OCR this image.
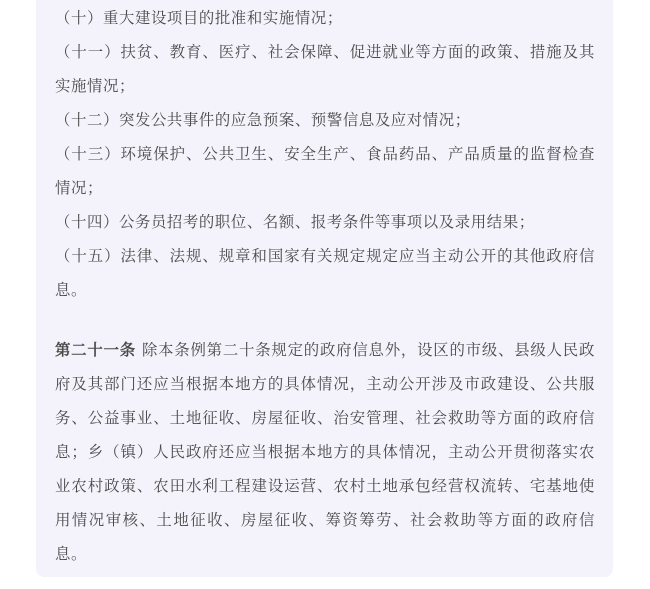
（十）重大建设项目的批准和实施情况；

（十一）扶贫、教育、医疗、社会保障、促进就业等方面的政策、措施及其实施情况；

（十二）突发公共事件的应急预案、预警信息及应对情况；

（十三）环境保护、公共卫生、安全生产、食品药品、产品质量的监督检查情况；

（十四）公务员招考的职位、名额、报考条件等事项以及录用结果；

（十五）法律、法规、规章和国家有关规定规定应当主动公开的其他政府信息。

第二十一条 除本条例第二十条规定的政府信息外，设区的市级、县级人民政府及其部门还应当根据本地方的具体情况，主动公开涉及市政建设、公共服务、公益事业、土地征收、房屋征收、治安管理、社会救助等方面的政府信息；乡（镇）人民政府还应当根据本地方的具体情况，主动公开贯彻落实农业农村政策、农田水利工程建设运营、农村土地承包经营权流转、宅基地使用情况审核、土地征收、房屋征收、筹资筹劳、社会救助等方面的政府信息。
